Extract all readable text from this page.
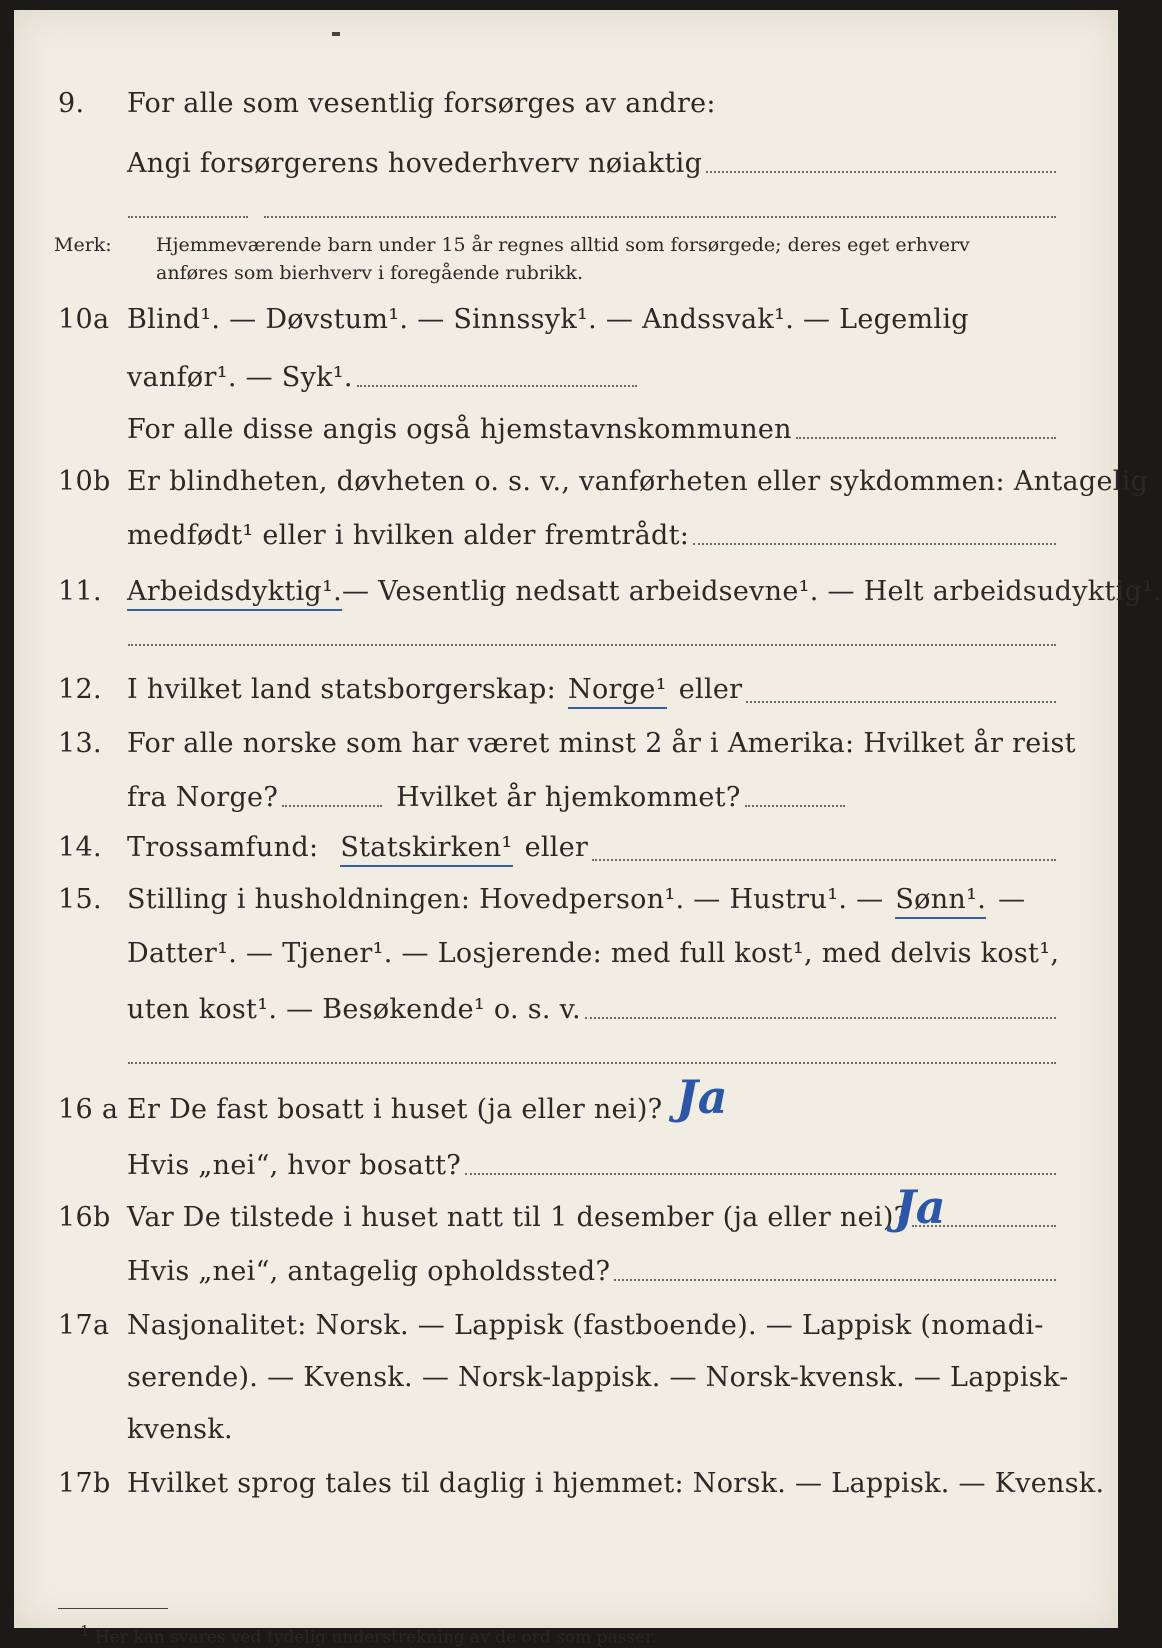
9. For alle som vesentlig forsørges av andre:
Angi forsørgerens hovederhverv nøiaktig
Merk: Hjemmeværende barn under 15 år regnes alltid som forsørgede; deres eget erhverv
anføres som bierhverv i foregående rubrikk.
10a Blind¹. — Døvstum¹. — Sinnssyk¹. — Andssvak¹. — Legemlig
vanfør¹. — Syk¹.
For alle disse angis også hjemstavnskommunen
10b Er blindheten, døvheten o. s. v., vanførheten eller sykdommen: Antagelig
medfødt¹ eller i hvilken alder fremtrådt:
11. Arbeidsdyktig¹. — Vesentlig nedsatt arbeidsevne¹. — Helt arbeidsudyktig¹.
12. I hvilket land statsborgerskap: Norge¹ eller
13. For alle norske som har været minst 2 år i Amerika: Hvilket år reist
fra Norge?	Hvilket år hjemkommet?
14. Trossamfund: Statskirken¹ eller
15. Stilling i husholdningen: Hovedperson¹. — Hustru¹. — Sønn¹. —
Datter¹. — Tjener¹. — Losjerende: med full kost¹, med delvis kost¹,
uten kost¹. — Besøkende¹ o. s. v.
16 a Er De fast bosatt i huset (ja eller nei)? Ja
Hvis „nei“, hvor bosatt?
16b Var De tilstede i huset natt til 1 desember (ja eller nei)?
Ja
Hvis „nei“, antagelig opholdssted?
17a Nasjonalitet: Norsk. — Lappisk (fastboende). — Lappisk (nomadi-
serende). — Kvensk. — Norsk-lappisk. — Norsk-kvensk. — Lappisk-
kvensk.
17b Hvilket sprog tales til daglig i hjemmet: Norsk. — Lappisk. — Kvensk.
1 Her kan svares ved tydelig understrekning av de ord som passer.
